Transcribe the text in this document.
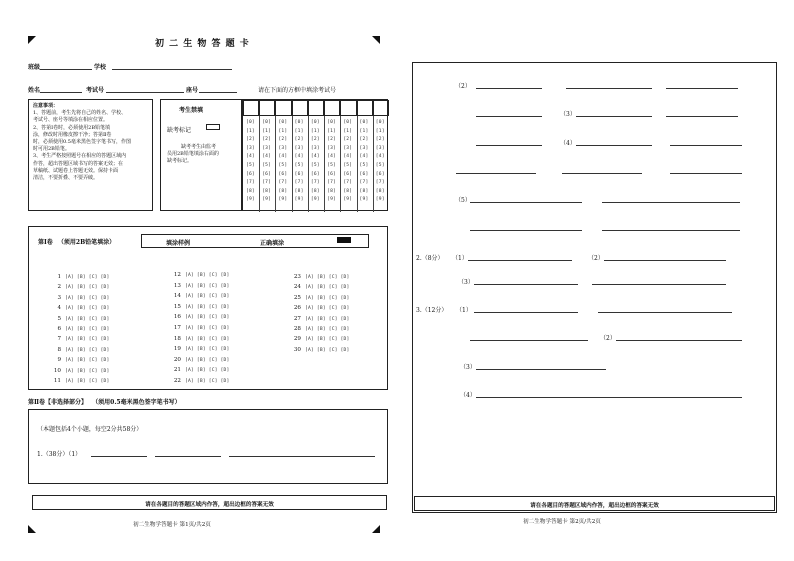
初 二 生 物 答 题 卡
班级	学校
姓名	考试号	座号	请在下面的方框中填涂考试号
注意事项：
1、答题前，考生先将自己的姓名、学校、
考试号、座号等填涂在相应位置。
2、答第Ⅰ卷时，必须使用2B铅笔填
涂，修改时用橡皮擦干净；答第Ⅱ卷
时，必须使用0.5毫米黑色签字笔书写，作图
时可用2B铅笔。
3、考生严格按照题号在相应的答题区域内
作答，超出答题区域书写的答案无效；在
草稿纸、试题卷上答题无效。保持卡面
清洁，不要折叠、不要弄破。
考生禁填
缺考标记
缺考考生由监考
员用2B铅笔填涂右面的
缺考标记。
[0] [0] [0] [0] [0] [0] [0] [0] [0]
[1] [1] [1] [1] [1] [1] [1] [1] [1]
[2] [2] [2] [2] [2] [2] [2] [2] [2]
[3] [3] [3] [3] [3] [3] [3] [3] [3]
[4] [4] [4] [4] [4] [4] [4] [4] [4]
[5] [5] [5] [5] [5] [5] [5] [5] [5]
[6] [6] [6] [6] [6] [6] [6] [6] [6]
[7] [7] [7] [7] [7] [7] [7] [7] [7]
[8] [8] [8] [8] [8] [8] [8] [8] [8]
[9] [9] [9] [9] [9] [9] [9] [9] [9]
第Ⅰ卷 （须用2B铅笔填涂）	填涂样例	正确填涂
1 [A] [B] [C] [D]
2 [A] [B] [C] [D]
3 [A] [B] [C] [D]
4 [A] [B] [C] [D]
5 [A] [B] [C] [D]
6 [A] [B] [C] [D]
7 [A] [B] [C] [D]
8 [A] [B] [C] [D]
9 [A] [B] [C] [D]
10 [A] [B] [C] [D]
11 [A] [B] [C] [D]
12 [A] [B] [C] [D]
13 [A] [B] [C] [D]
14 [A] [B] [C] [D]
15 [A] [B] [C] [D]
16 [A] [B] [C] [D]
17 [A] [B] [C] [D]
18 [A] [B] [C] [D]
19 [A] [B] [C] [D]
20 [A] [B] [C] [D]
21 [A] [B] [C] [D]
22 [A] [B] [C] [D]
23 [A] [B] [C] [D]
24 [A] [B] [C] [D]
25 [A] [B] [C] [D]
26 [A] [B] [C] [D]
27 [A] [B] [C] [D]
28 [A] [B] [C] [D]
29 [A] [B] [C] [D]
30 [A] [B] [C] [D]
第Ⅱ卷【非选择部分】 （须用0.5毫米黑色签字笔书写）
（本题包括4个小题，每空2分共58分）
1.（38分）（1）
请在各题目的答题区域内作答，超出边框的答案无效
初二生物学答题卡 第1页/共2页
（2）
（3）
（4）
（5）
2.（8分） （1）	（2）
（3）
3.（12分） （1）
（2）
（3）
（4）
请在各题目的答题区域内作答，超出边框的答案无效
初二生物学答题卡 第2页/共2页
